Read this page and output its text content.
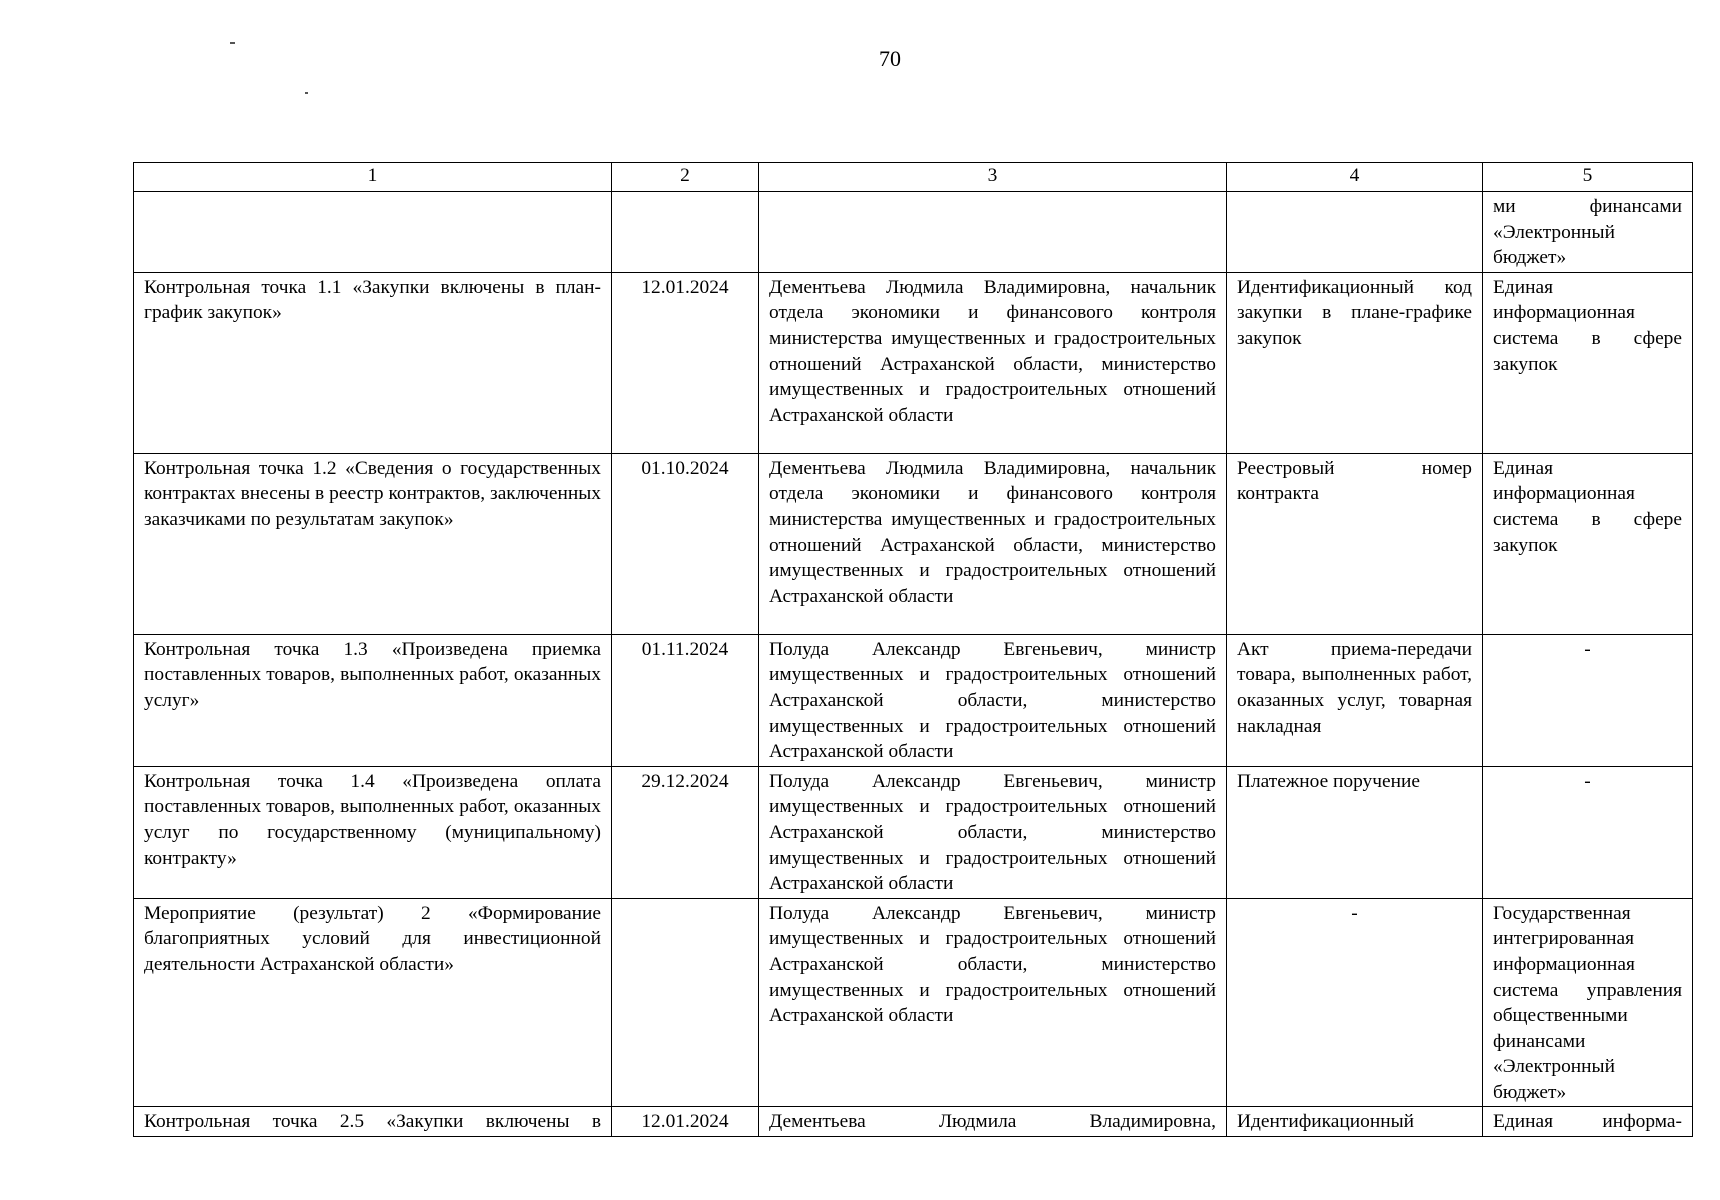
70
1	2	3	4	5
				ми финансами «Электронный бюджет»
Контрольная точка 1.1 «Закупки включены в план-график закупок»	12.01.2024	Дементьева Людмила Владимировна, начальник отдела экономики и финансового контроля министерства имущественных и градостроительных отношений Астраханской области, министерство имущественных и градостроительных отношений Астраханской области	Идентификационный код закупки в плане-графике закупок	Единая информационная система в сфере закупок
Контрольная точка 1.2 «Сведения о государственных контрактах внесены в реестр контрактов, заключенных заказчиками по результатам закупок»	01.10.2024	Дементьева Людмила Владимировна, начальник отдела экономики и финансового контроля министерства имущественных и градостроительных отношений Астраханской области, министерство имущественных и градостроительных отношений Астраханской области	Реестровый номер контракта	Единая информационная система в сфере закупок
Контрольная точка 1.3 «Произведена приемка поставленных товаров, выполненных работ, оказанных услуг»	01.11.2024	Полуда Александр Евгеньевич, министр имущественных и градостроительных отношений Астраханской области, министерство имущественных и градостроительных отношений Астраханской области	Акт приема-передачи товара, выполненных работ, оказанных услуг, товарная накладная	-
Контрольная точка 1.4 «Произведена оплата поставленных товаров, выполненных работ, оказанных услуг по государственному (муниципальному) контракту»	29.12.2024	Полуда Александр Евгеньевич, министр имущественных и градостроительных отношений Астраханской области, министерство имущественных и градостроительных отношений Астраханской области	Платежное поручение	-
Мероприятие (результат) 2 «Формирование благоприятных условий для инвестиционной деятельности Астраханской области»		Полуда Александр Евгеньевич, министр имущественных и градостроительных отношений Астраханской области, министерство имущественных и градостроительных отношений Астраханской области	-	Государственная интегрированная информационная система управления общественными финансами «Электронный бюджет»
Контрольная точка 2.5 «Закупки включены в	12.01.2024	Дементьева Людмила Владимировна,	Идентификационный	Единая информа-
